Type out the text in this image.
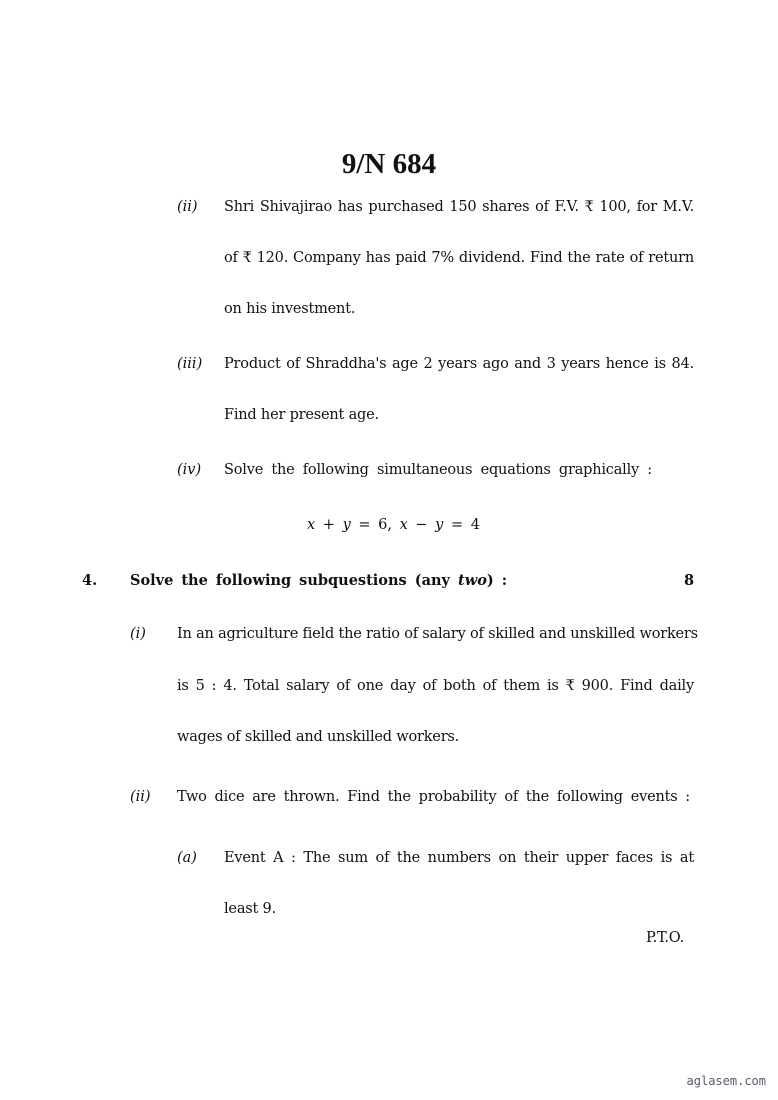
9/N 684
(ii) Shri Shivajirao has purchased 150 shares of F.V. ₹ 100, for M.V.
of ₹ 120. Company has paid 7% dividend. Find the rate of return
on his investment.
(iii) Product of Shraddha's age 2 years ago and 3 years hence is 84.
Find her present age.
(iv) Solve the following simultaneous equations graphically :
x + y = 6, x − y = 4
4. Solve the following subquestions (any two) :	8
(i) In an agriculture field the ratio of salary of skilled and unskilled workers
is 5 : 4. Total salary of one day of both of them is ₹ 900. Find daily
wages of skilled and unskilled workers.
(ii) Two dice are thrown. Find the probability of the following events :
(a) Event A : The sum of the numbers on their upper faces is at
least 9.
P.T.O.
aglasem.com
